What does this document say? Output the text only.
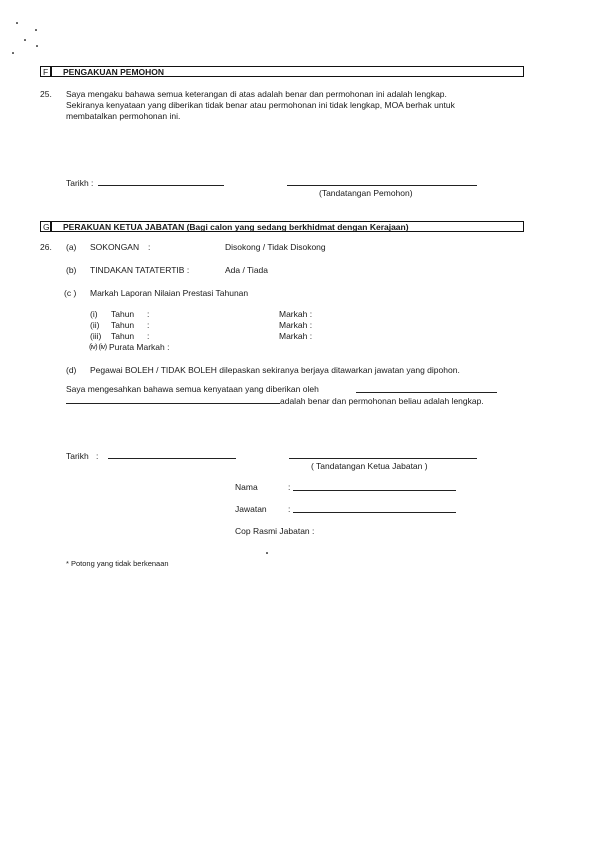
F PENGAKUAN PEMOHON
25. Saya mengaku bahawa semua keterangan di atas adalah benar dan permohonan ini adalah lengkap.
Sekiranya kenyataan yang diberikan tidak benar atau permohonan ini tidak lengkap, MOA berhak untuk
membatalkan permohonan ini.
Tarikh :
(Tandatangan Pemohon)
G PERAKUAN KETUA JABATAN (Bagi calon yang sedang berkhidmat dengan Kerajaan)
26. (a) SOKONGAN :	Disokong / Tidak Disokong
(b) TINDAKAN TATATERTIB :	Ada / Tiada
(c ) Markah Laporan Nilaian Prestasi Tahunan
(i) Tahun :	Markah :
(ii) Tahun :	Markah :
(iii) Tahun :	Markah :
(iv) (iv) Purata Markah :
(d) Pegawai BOLEH / TIDAK BOLEH dilepaskan sekiranya berjaya ditawarkan jawatan yang dipohon.
Saya mengesahkan bahawa semua kenyataan yang diberikan oleh
adalah benar dan permohonan beliau adalah lengkap.
Tarikh :
( Tandatangan Ketua Jabatan )
Nama	:
Jawatan	:
Cop Rasmi Jabatan :
* Potong yang tidak berkenaan
